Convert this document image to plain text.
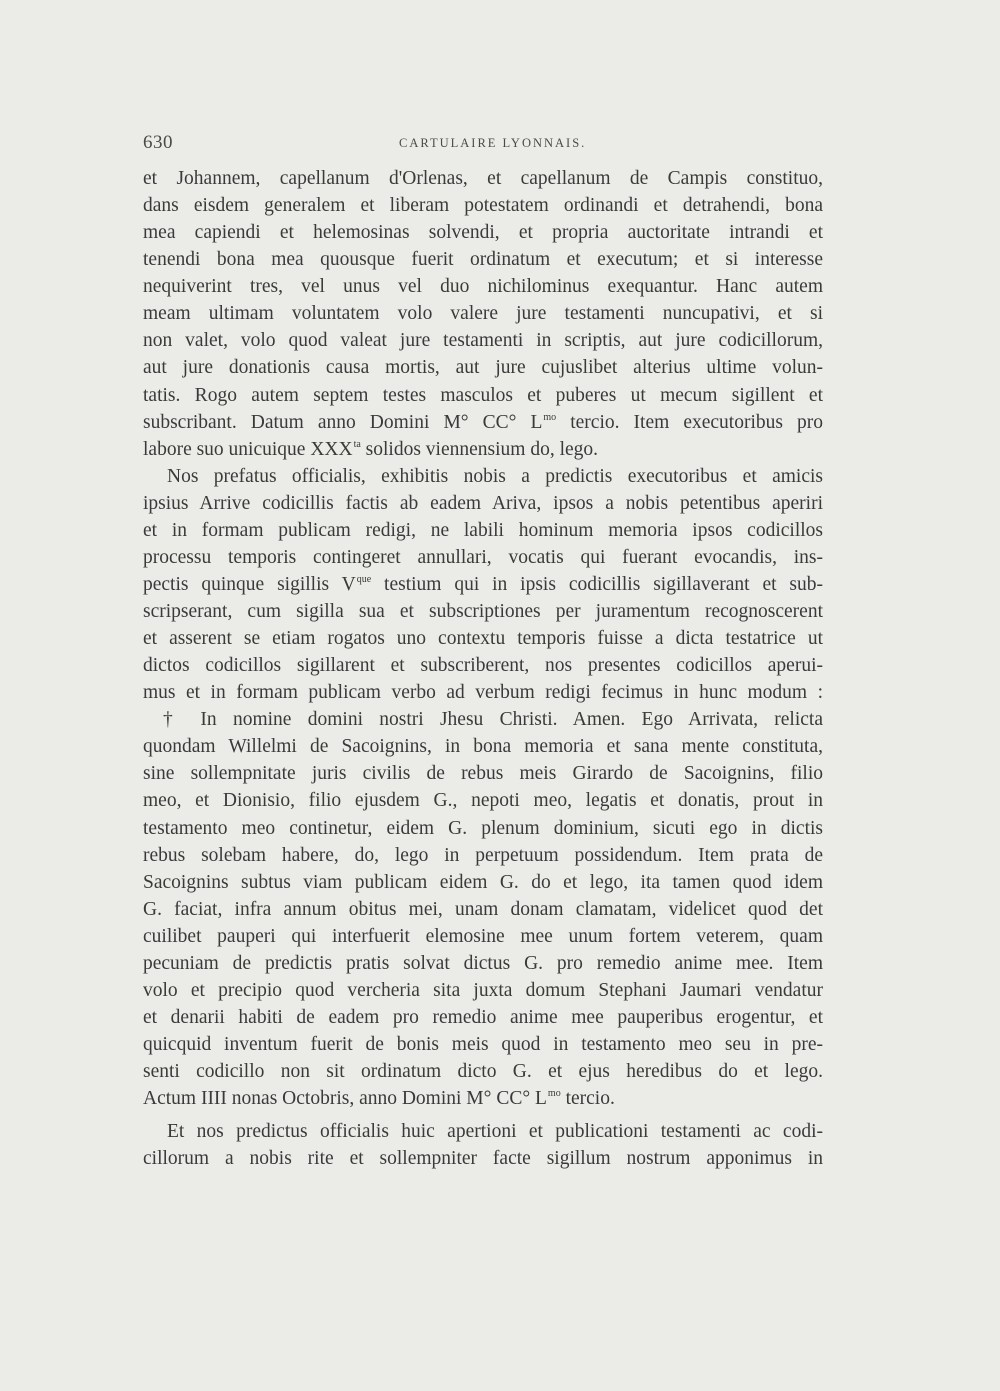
630	CARTULAIRE LYONNAIS.
et Johannem, capellanum d'Orlenas, et capellanum de Campis constituo,
dans eisdem generalem et liberam potestatem ordinandi et detrahendi, bona
mea capiendi et helemosinas solvendi, et propria auctoritate intrandi et
tenendi bona mea quousque fuerit ordinatum et executum; et si interesse
nequiverint tres, vel unus vel duo nichilominus exequantur. Hanc autem
meam ultimam voluntatem volo valere jure testamenti nuncupativi, et si
non valet, volo quod valeat jure testamenti in scriptis, aut jure codicillorum,
aut jure donationis causa mortis, aut jure cujuslibet alterius ultime volun-
tatis. Rogo autem septem testes masculos et puberes ut mecum sigillent et
subscribant. Datum anno Domini M° CC° $L^{mo}$ tercio. Item executoribus pro
labore suo unicuique $XXX^{ta}$ solidos viennensium do, lego.
Nos prefatus officialis, exhibitis nobis a predictis executoribus et amicis
ipsius Arrive codicillis factis ab eadem Ariva, ipsos a nobis petentibus aperiri
et in formam publicam redigi, ne labili hominum memoria ipsos codicillos
processu temporis contingeret annullari, vocatis qui fuerant evocandis, ins-
pectis quinque sigillis $V^{que}$ testium qui in ipsis codicillis sigillaverant et sub-
scripserant, cum sigilla sua et subscriptiones per juramentum recognoscerent
et asserent se etiam rogatos uno contextu temporis fuisse a dicta testatrice ut
dictos codicillos sigillarent et subscriberent, nos presentes codicillos aperui-
mus et in formam publicam verbo ad verbum redigi fecimus in hunc modum :
† In nomine domini nostri Jhesu Christi. Amen. Ego Arrivata, relicta
quondam Willelmi de Sacoignins, in bona memoria et sana mente constituta,
sine sollempnitate juris civilis de rebus meis Girardo de Sacoignins, filio
meo, et Dionisio, filio ejusdem G., nepoti meo, legatis et donatis, prout in
testamento meo continetur, eidem G. plenum dominium, sicuti ego in dictis
rebus solebam habere, do, lego in perpetuum possidendum. Item prata de
Sacoignins subtus viam publicam eidem G. do et lego, ita tamen quod idem
G. faciat, infra annum obitus mei, unam donam clamatam, videlicet quod det
cuilibet pauperi qui interfuerit elemosine mee unum fortem veterem, quam
pecuniam de predictis pratis solvat dictus G. pro remedio anime mee. Item
volo et precipio quod vercheria sita juxta domum Stephani Jaumari vendatur
et denarii habiti de eadem pro remedio anime mee pauperibus erogentur, et
quicquid inventum fuerit de bonis meis quod in testamento meo seu in pre-
senti codicillo non sit ordinatum dicto G. et ejus heredibus do et lego.
Actum IIII nonas Octobris, anno Domini M° CC° $L^{mo}$ tercio.
Et nos predictus officialis huic apertioni et publicationi testamenti ac codi-
cillorum a nobis rite et sollempniter facte sigillum nostrum apponimus in
